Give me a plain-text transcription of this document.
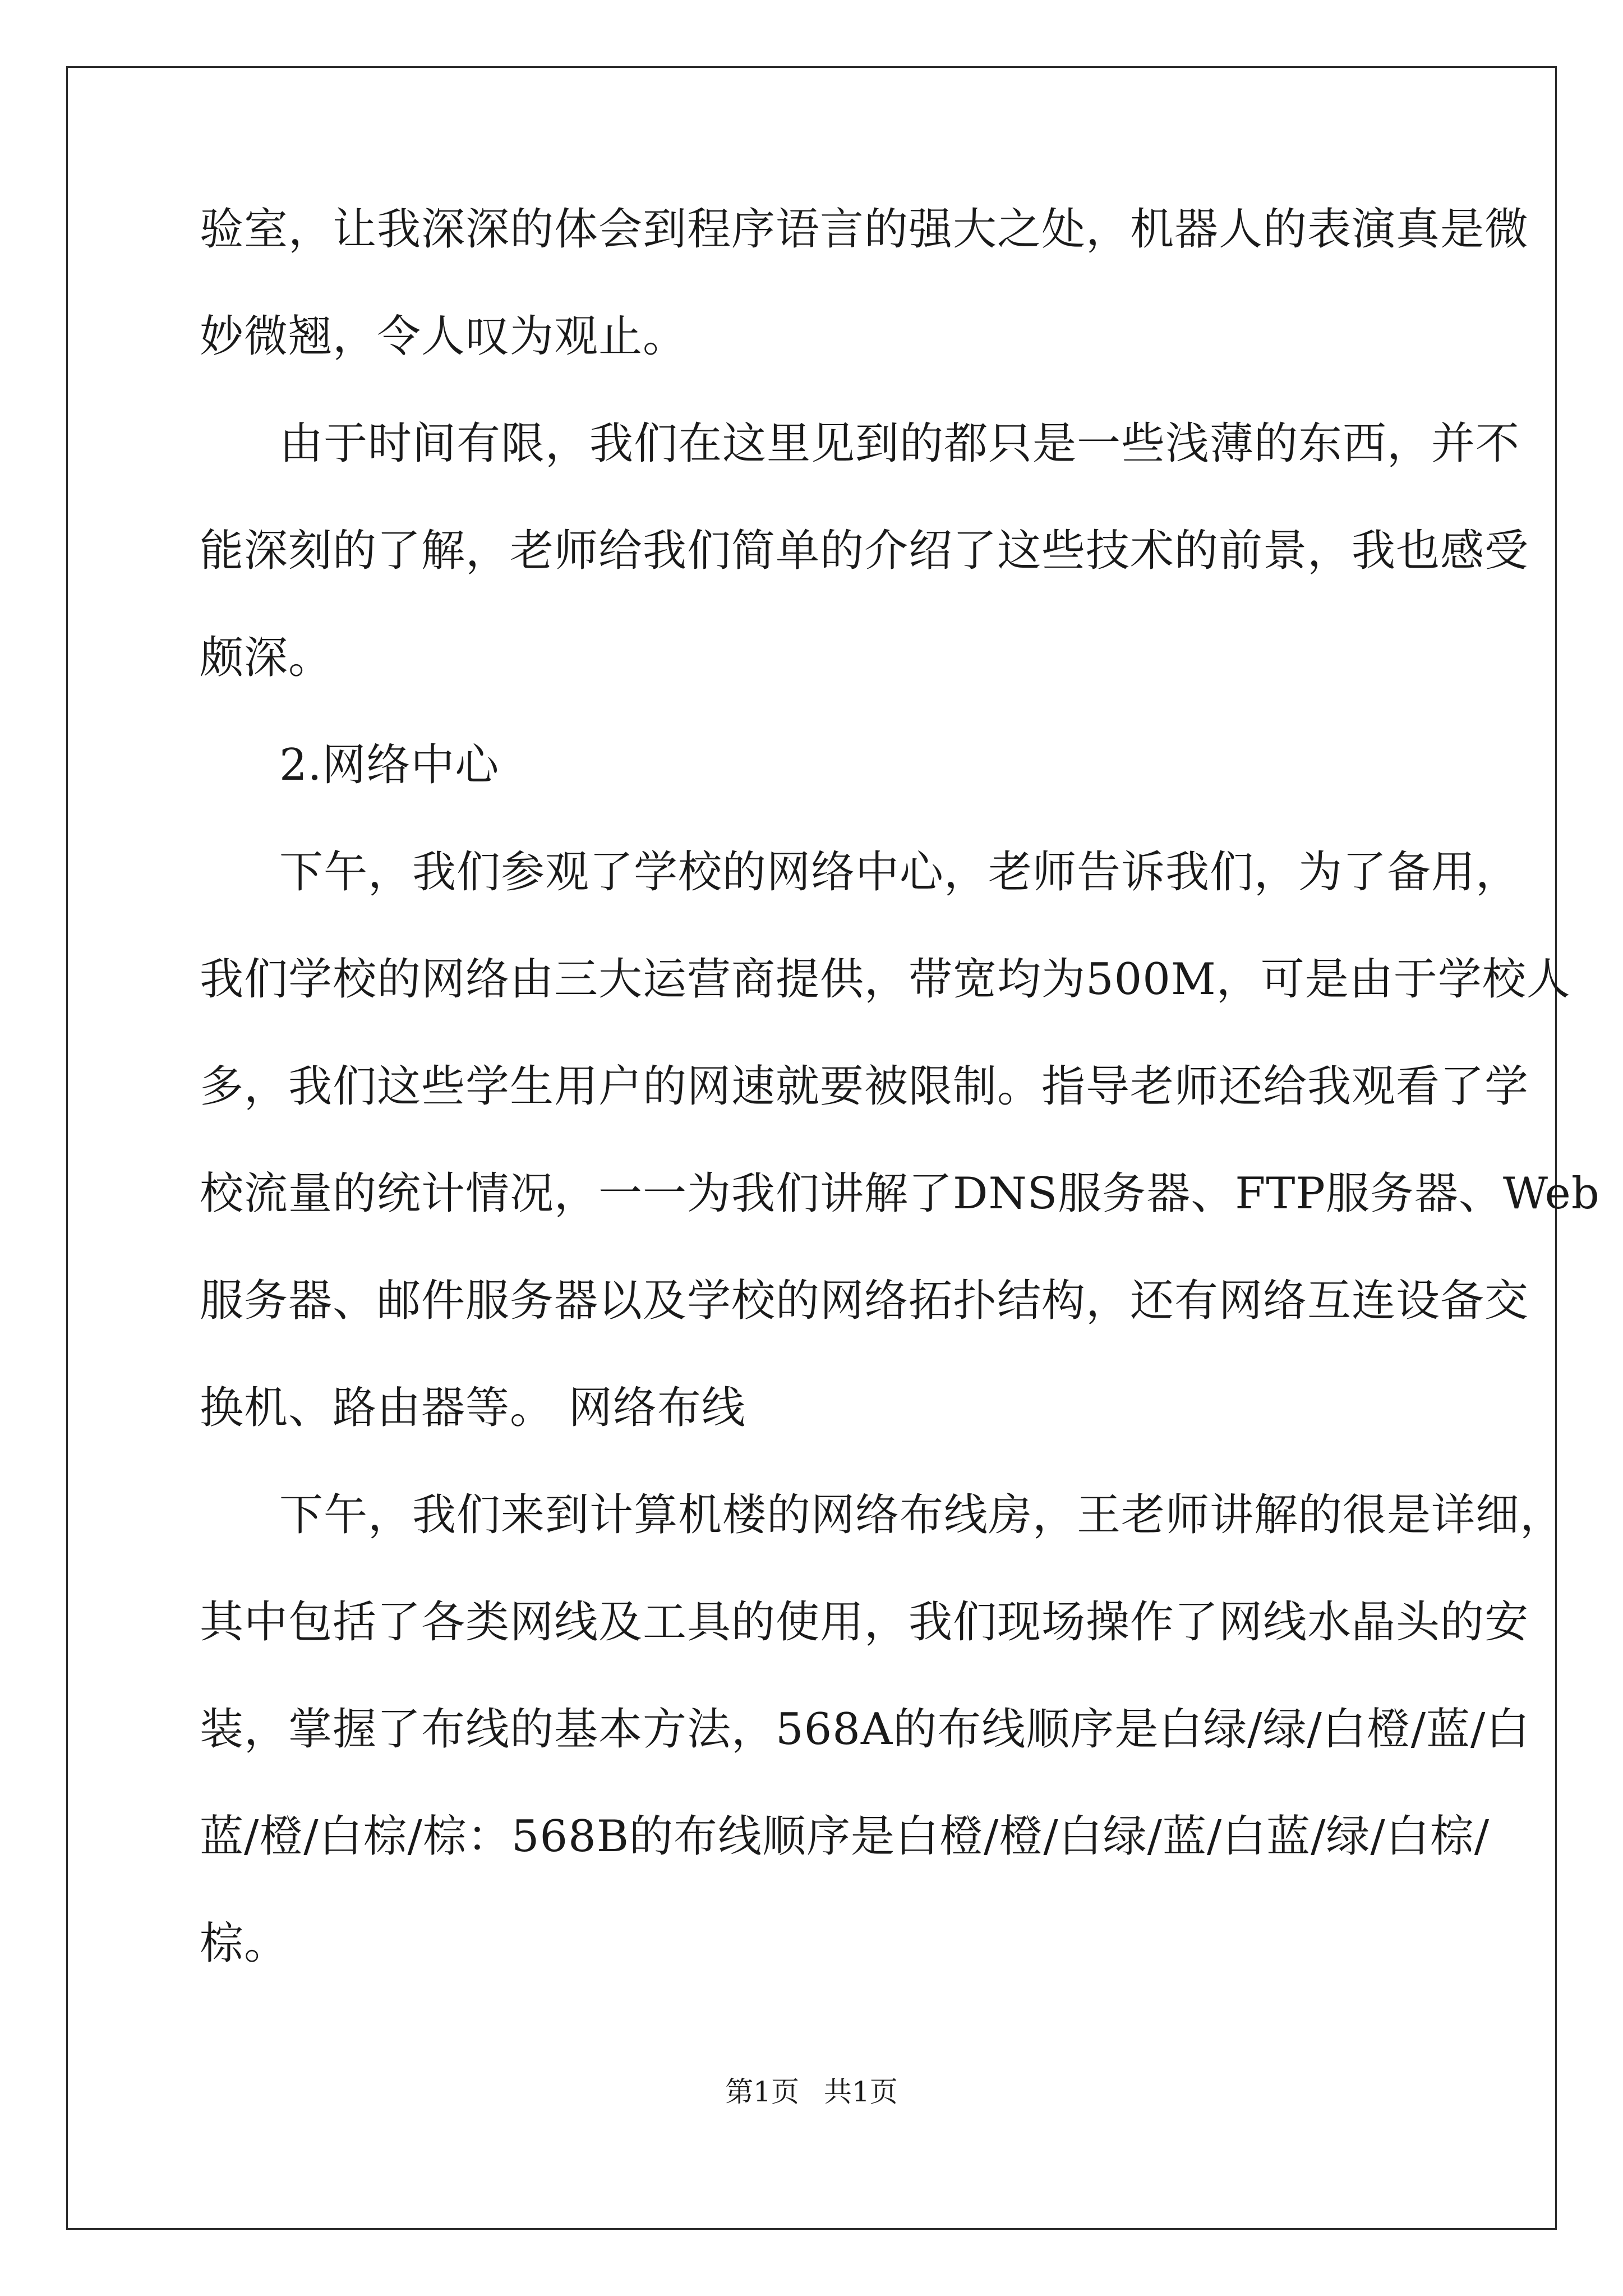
验室，让我深深的体会到程序语言的强大之处，机器人的表演真是微
妙微翘，令人叹为观止。
由于时间有限，我们在这里见到的都只是一些浅薄的东西，并不
能深刻的了解，老师给我们简单的介绍了这些技术的前景，我也感受
颇深。
2.网络中心
下午，我们参观了学校的网络中心，老师告诉我们，为了备用，
我们学校的网络由三大运营商提供，带宽均为500M，可是由于学校人
多，我们这些学生用户的网速就要被限制。指导老师还给我观看了学
校流量的统计情况，一一为我们讲解了DNS服务器、FTP服务器、Web
服务器、邮件服务器以及学校的网络拓扑结构，还有网络互连设备交
换机、路由器等。 网络布线
下午，我们来到计算机楼的网络布线房，王老师讲解的很是详细，
其中包括了各类网线及工具的使用，我们现场操作了网线水晶头的安
装，掌握了布线的基本方法，568A的布线顺序是白绿/绿/白橙/蓝/白
蓝/橙/白棕/棕：568B的布线顺序是白橙/橙/白绿/蓝/白蓝/绿/白棕/
棕。
第1页 共1页
